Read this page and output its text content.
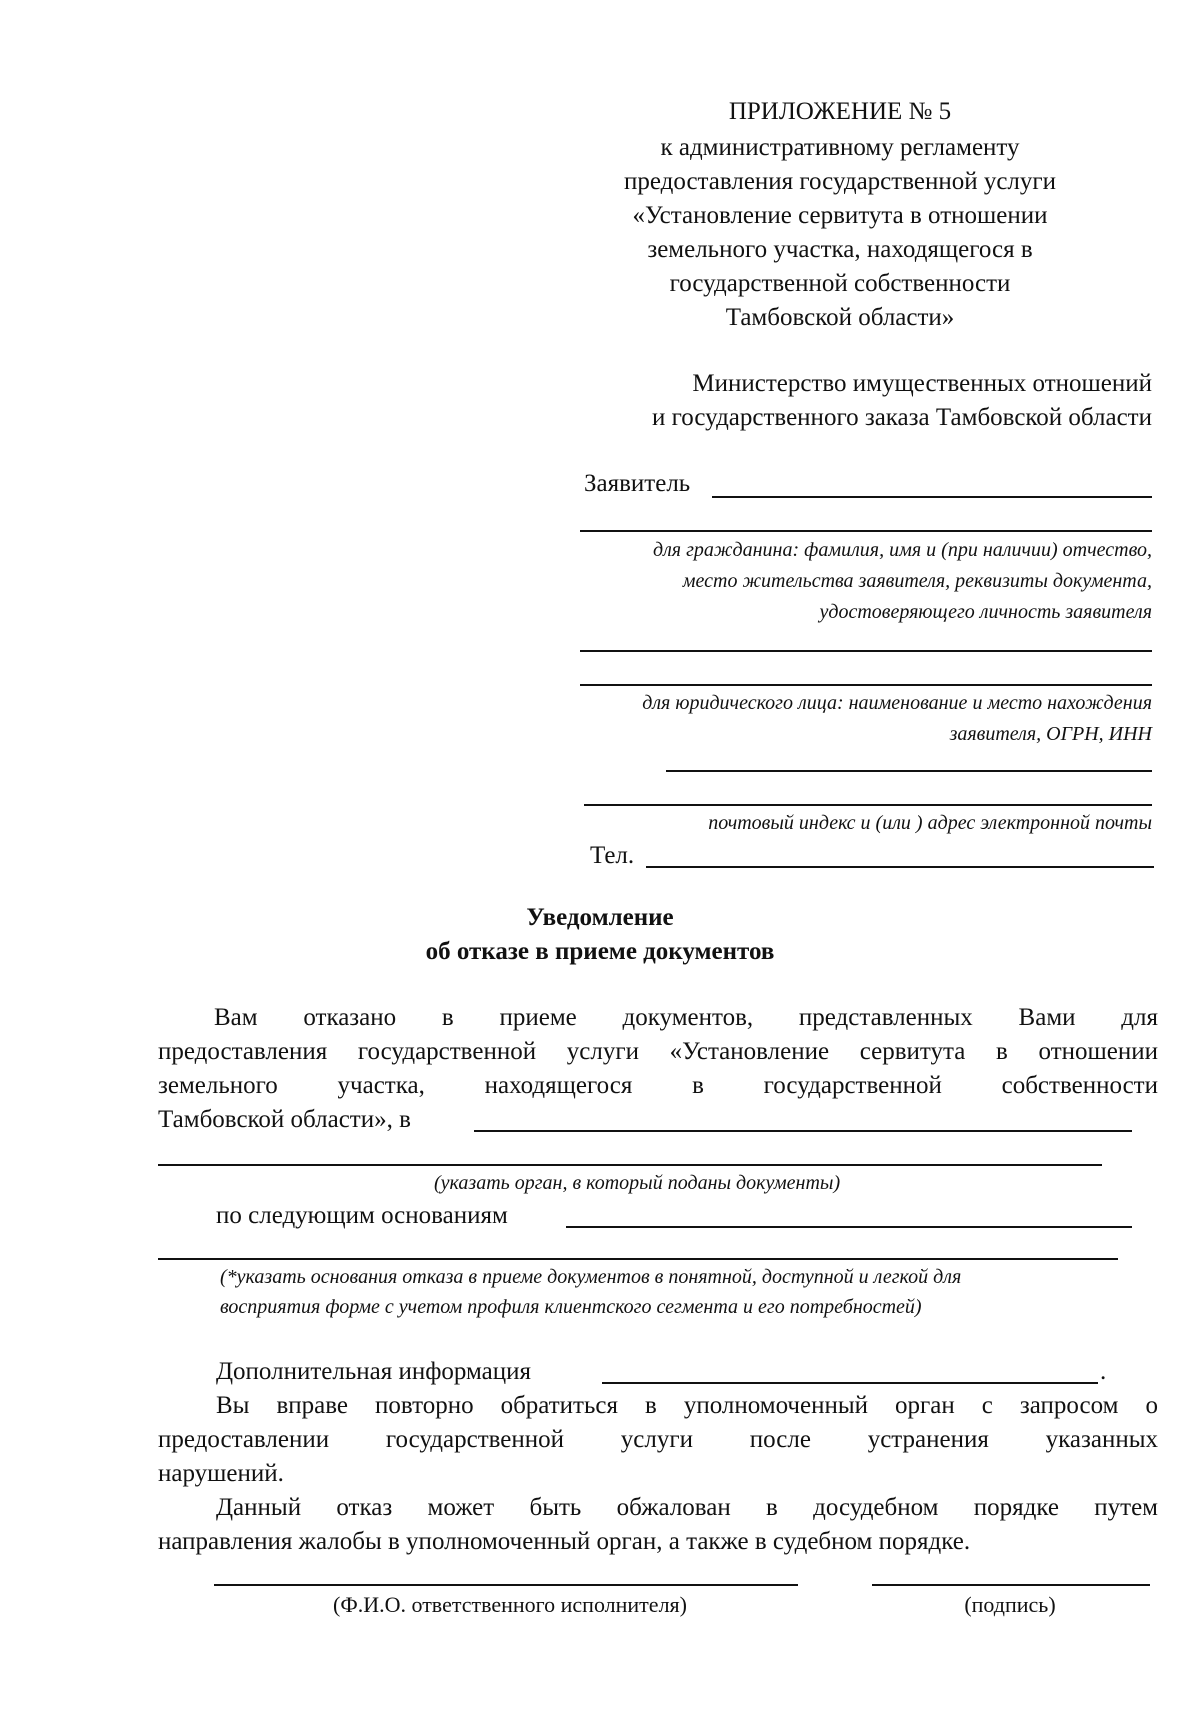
ПРИЛОЖЕНИЕ № 5
к административному регламенту
предоставления государственной услуги
«Установление сервитута в отношении
земельного участка, находящегося в
государственной собственности
Тамбовской области»
Министерство имущественных отношений
и государственного заказа Тамбовской области
Заявитель
для гражданина: фамилия, имя и (при наличии) отчество,
место жительства заявителя, реквизиты документа,
удостоверяющего личность заявителя
для юридического лица: наименование и место нахождения
заявителя, ОГРН, ИНН
почтовый индекс и (или ) адрес электронной почты
Тел.
Уведомление
об отказе в приеме документов
Вам отказано в приеме документов, представленных Вами для
предоставления государственной услуги «Установление сервитута в отношении
земельного участка, находящегося в государственной собственности
Тамбовской области», в
(указать орган, в который поданы документы)
по следующим основаниям
(*указать основания отказа в приеме документов в понятной, доступной и легкой для
восприятия форме с учетом профиля клиентского сегмента и его потребностей)
Дополнительная информация	.
Вы вправе повторно обратиться в уполномоченный орган с запросом о
предоставлении государственной услуги после устранения указанных
нарушений.
Данный отказ может быть обжалован в досудебном порядке путем
направления жалобы в уполномоченный орган, а также в судебном порядке.
(Ф.И.О. ответственного исполнителя)	(подпись)
